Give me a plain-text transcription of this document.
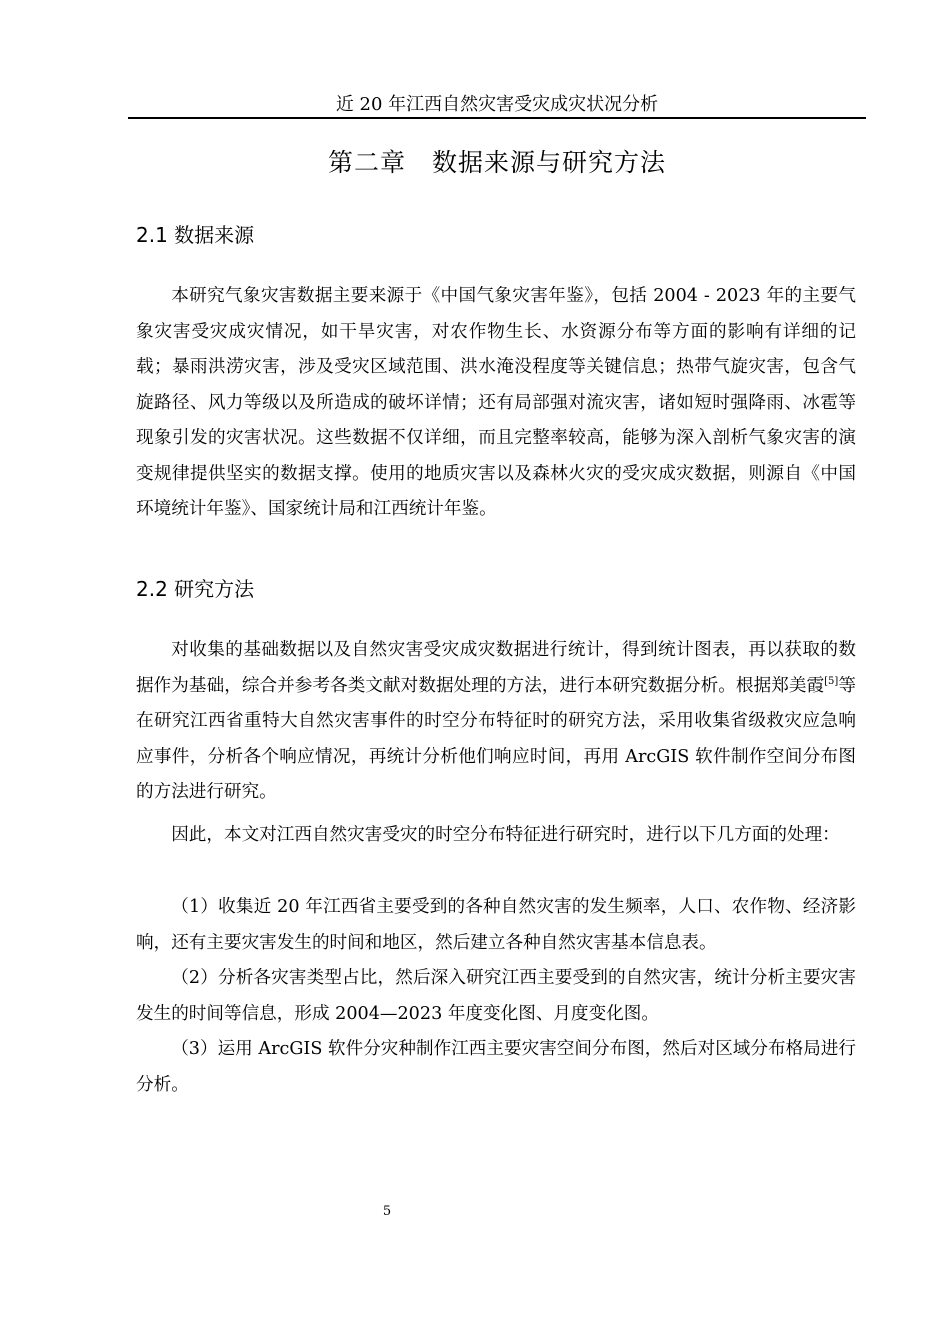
近 20 年江西自然灾害受灾成灾状况分析

第二章 数据来源与研究方法
2.1 数据来源

本研究气象灾害数据主要来源于《中国气象灾害年鉴》，包括 2004 - 2023 年的主要气象灾害受灾成灾情况，如干旱灾害，对农作物生长、水资源分布等方面的影响有详细的记载；暴雨洪涝灾害，涉及受灾区域范围、洪水淹没程度等关键信息；热带气旋灾害，包含气旋路径、风力等级以及所造成的破坏详情；还有局部强对流灾害，诸如短时强降雨、冰雹等现象引发的灾害状况。这些数据不仅详细，而且完整率较高，能够为深入剖析气象灾害的演变规律提供坚实的数据支撑。使用的地质灾害以及森林火灾的受灾成灾数据，则源自《中国环境统计年鉴》、国家统计局和江西统计年鉴。

2.2 研究方法

对收集的基础数据以及自然灾害受灾成灾数据进行统计，得到统计图表，再以获取的数据作为基础，综合并参考各类文献对数据处理的方法，进行本研究数据分析。根据郑美霞[5]等在研究江西省重特大自然灾害事件的时空分布特征时的研究方法，采用收集省级救灾应急响应事件，分析各个响应情况，再统计分析他们响应时间，再用 ArcGIS 软件制作空间分布图的方法进行研究。

因此，本文对江西自然灾害受灾的时空分布特征进行研究时，进行以下几方面的处理：

（1）收集近 20 年江西省主要受到的各种自然灾害的发生频率，人口、农作物、经济影响，还有主要灾害发生的时间和地区，然后建立各种自然灾害基本信息表。

（2）分析各灾害类型占比，然后深入研究江西主要受到的自然灾害，统计分析主要灾害发生的时间等信息，形成 2004—2023 年度变化图、月度变化图。

（3）运用 ArcGIS 软件分灾种制作江西主要灾害空间分布图，然后对区域分布格局进行分析。

5
